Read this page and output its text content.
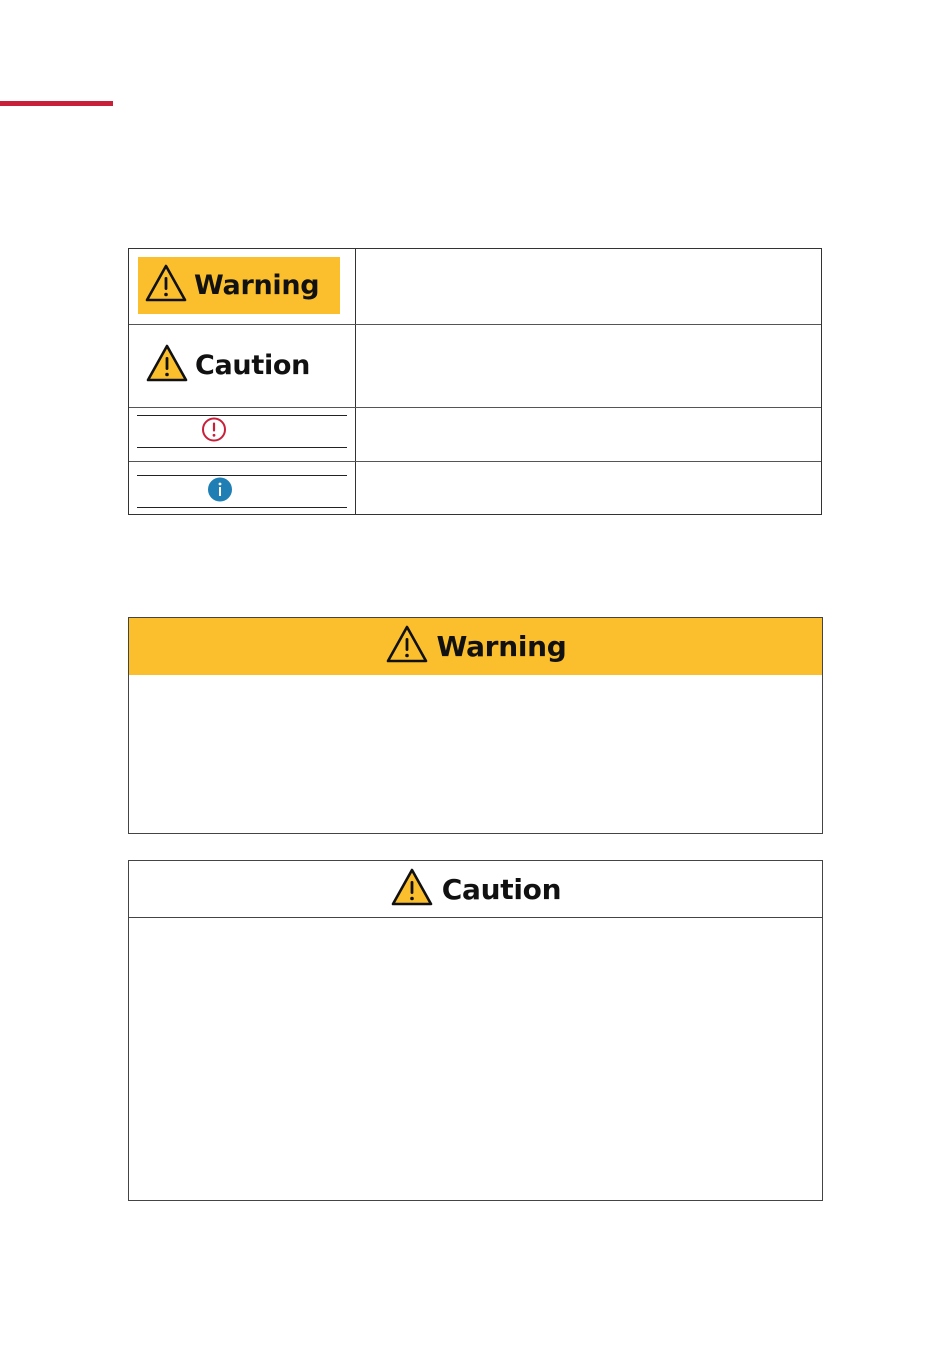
Warning
Caution
Warning
Caution
